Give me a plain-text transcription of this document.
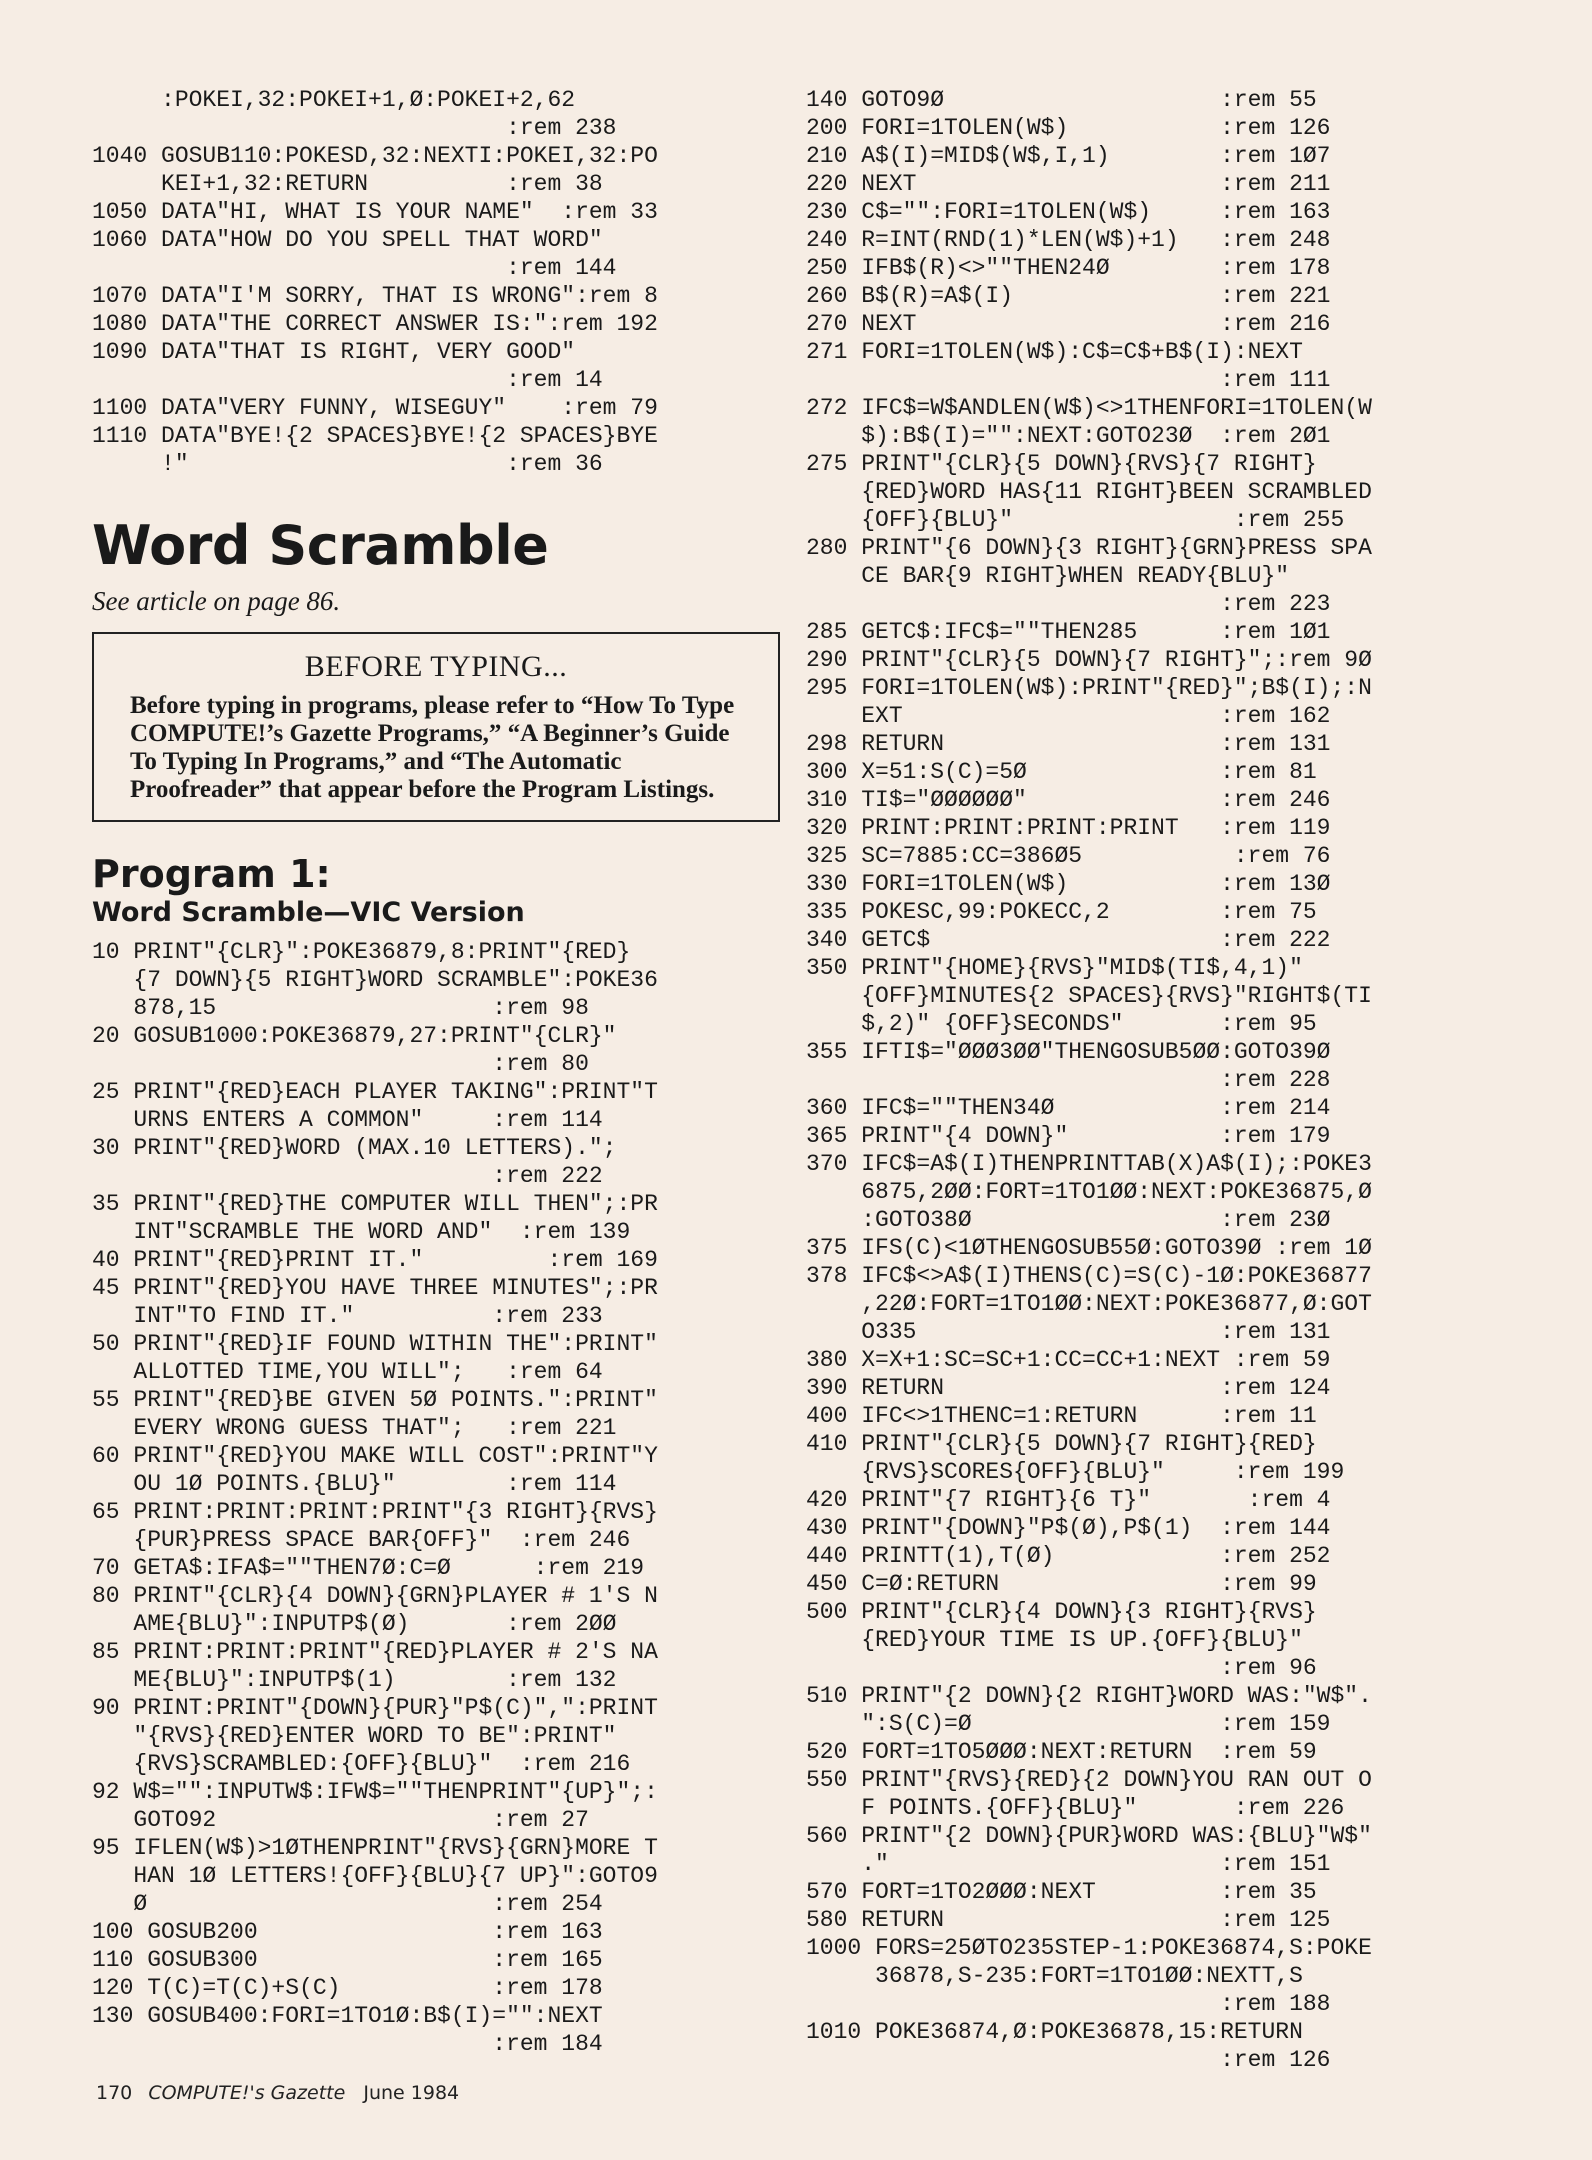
:POKEI,32:POKEI+1,Ø:POKEI+2,62
:rem 238
1040 GOSUB110:POKESD,32:NEXTI:POKEI,32:PO
KEI+1,32:RETURN          :rem 38
1050 DATA"HI, WHAT IS YOUR NAME"  :rem 33
1060 DATA"HOW DO YOU SPELL THAT WORD"
:rem 144
1070 DATA"I'M SORRY, THAT IS WRONG":rem 8
1080 DATA"THE CORRECT ANSWER IS:":rem 192
1090 DATA"THAT IS RIGHT, VERY GOOD"
:rem 14
1100 DATA"VERY FUNNY, WISEGUY"    :rem 79
1110 DATA"BYE!{2 SPACES}BYE!{2 SPACES}BYE
!"                       :rem 36
Word Scramble
See article on page 86.
BEFORE TYPING...

Before typing in programs, please refer to “How To Type COMPUTE!’s Gazette Programs,” “A Beginner’s Guide To Typing In Programs,” and “The Automatic Proofreader” that appear before the Program Listings.

Program 1:
Word Scramble—VIC Version
10 PRINT"{CLR}":POKE36879,8:PRINT"{RED}
{7 DOWN}{5 RIGHT}WORD SCRAMBLE":POKE36
878,15                    :rem 98
20 GOSUB1000:POKE36879,27:PRINT"{CLR}"
:rem 80
25 PRINT"{RED}EACH PLAYER TAKING":PRINT"T
URNS ENTERS A COMMON"     :rem 114
30 PRINT"{RED}WORD (MAX.10 LETTERS).";
:rem 222
35 PRINT"{RED}THE COMPUTER WILL THEN";:PR
INT"SCRAMBLE THE WORD AND"  :rem 139
40 PRINT"{RED}PRINT IT."         :rem 169
45 PRINT"{RED}YOU HAVE THREE MINUTES";:PR
INT"TO FIND IT."          :rem 233
50 PRINT"{RED}IF FOUND WITHIN THE":PRINT"
ALLOTTED TIME,YOU WILL";   :rem 64
55 PRINT"{RED}BE GIVEN 5Ø POINTS.":PRINT"
EVERY WRONG GUESS THAT";   :rem 221
60 PRINT"{RED}YOU MAKE WILL COST":PRINT"Y
OU 1Ø POINTS.{BLU}"        :rem 114
65 PRINT:PRINT:PRINT:PRINT"{3 RIGHT}{RVS}
{PUR}PRESS SPACE BAR{OFF}"  :rem 246
70 GETA$:IFA$=""THEN7Ø:C=Ø      :rem 219
80 PRINT"{CLR}{4 DOWN}{GRN}PLAYER # 1'S N
AME{BLU}":INPUTP$(Ø)       :rem 2ØØ
85 PRINT:PRINT:PRINT"{RED}PLAYER # 2'S NA
ME{BLU}":INPUTP$(1)        :rem 132
90 PRINT:PRINT"{DOWN}{PUR}"P$(C)",":PRINT
"{RVS}{RED}ENTER WORD TO BE":PRINT"
{RVS}SCRAMBLED:{OFF}{BLU}"  :rem 216
92 W$="":INPUTW$:IFW$=""THENPRINT"{UP}";:
GOTO92                    :rem 27
95 IFLEN(W$)>1ØTHENPRINT"{RVS}{GRN}MORE T
HAN 1Ø LETTERS!{OFF}{BLU}{7 UP}":GOTO9
Ø                         :rem 254
100 GOSUB200                 :rem 163
110 GOSUB300                 :rem 165
120 T(C)=T(C)+S(C)           :rem 178
130 GOSUB400:FORI=1TO1Ø:B$(I)="":NEXT
:rem 184
140 GOTO9Ø                    :rem 55
200 FORI=1TOLEN(W$)           :rem 126
210 A$(I)=MID$(W$,I,1)        :rem 1Ø7
220 NEXT                      :rem 211
230 C$="":FORI=1TOLEN(W$)     :rem 163
240 R=INT(RND(1)*LEN(W$)+1)   :rem 248
250 IFB$(R)<>""THEN24Ø        :rem 178
260 B$(R)=A$(I)               :rem 221
270 NEXT                      :rem 216
271 FORI=1TOLEN(W$):C$=C$+B$(I):NEXT
:rem 111
272 IFC$=W$ANDLEN(W$)<>1THENFORI=1TOLEN(W
$):B$(I)="":NEXT:GOTO23Ø  :rem 2Ø1
275 PRINT"{CLR}{5 DOWN}{RVS}{7 RIGHT}
{RED}WORD HAS{11 RIGHT}BEEN SCRAMBLED
{OFF}{BLU}"                :rem 255
280 PRINT"{6 DOWN}{3 RIGHT}{GRN}PRESS SPA
CE BAR{9 RIGHT}WHEN READY{BLU}"
:rem 223
285 GETC$:IFC$=""THEN285      :rem 1Ø1
290 PRINT"{CLR}{5 DOWN}{7 RIGHT}";:rem 9Ø
295 FORI=1TOLEN(W$):PRINT"{RED}";B$(I);:N
EXT                       :rem 162
298 RETURN                    :rem 131
300 X=51:S(C)=5Ø              :rem 81
310 TI$="ØØØØØØ"              :rem 246
320 PRINT:PRINT:PRINT:PRINT   :rem 119
325 SC=7885:CC=386Ø5           :rem 76
330 FORI=1TOLEN(W$)           :rem 13Ø
335 POKESC,99:POKECC,2        :rem 75
340 GETC$                     :rem 222
350 PRINT"{HOME}{RVS}"MID$(TI$,4,1)"
{OFF}MINUTES{2 SPACES}{RVS}"RIGHT$(TI
$,2)" {OFF}SECONDS"       :rem 95
355 IFTI$="ØØØ3ØØ"THENGOSUB5ØØ:GOTO39Ø
:rem 228
360 IFC$=""THEN34Ø            :rem 214
365 PRINT"{4 DOWN}"           :rem 179
370 IFC$=A$(I)THENPRINTTAB(X)A$(I);:POKE3
6875,2ØØ:FORT=1TO1ØØ:NEXT:POKE36875,Ø
:GOTO38Ø                  :rem 23Ø
375 IFS(C)<1ØTHENGOSUB55Ø:GOTO39Ø :rem 1Ø
378 IFC$<>A$(I)THENS(C)=S(C)-1Ø:POKE36877
,22Ø:FORT=1TO1ØØ:NEXT:POKE36877,Ø:GOT
O335                      :rem 131
380 X=X+1:SC=SC+1:CC=CC+1:NEXT :rem 59
390 RETURN                    :rem 124
400 IFC<>1THENC=1:RETURN      :rem 11
410 PRINT"{CLR}{5 DOWN}{7 RIGHT}{RED}
{RVS}SCORES{OFF}{BLU}"     :rem 199
420 PRINT"{7 RIGHT}{6 T}"       :rem 4
430 PRINT"{DOWN}"P$(Ø),P$(1)  :rem 144
440 PRINTT(1),T(Ø)            :rem 252
450 C=Ø:RETURN                :rem 99
500 PRINT"{CLR}{4 DOWN}{3 RIGHT}{RVS}
{RED}YOUR TIME IS UP.{OFF}{BLU}"
:rem 96
510 PRINT"{2 DOWN}{2 RIGHT}WORD WAS:"W$".
":S(C)=Ø                  :rem 159
520 FORT=1TO5ØØØ:NEXT:RETURN  :rem 59
550 PRINT"{RVS}{RED}{2 DOWN}YOU RAN OUT O
F POINTS.{OFF}{BLU}"       :rem 226
560 PRINT"{2 DOWN}{PUR}WORD WAS:{BLU}"W$"
."                        :rem 151
570 FORT=1TO2ØØØ:NEXT         :rem 35
580 RETURN                    :rem 125
1000 FORS=25ØTO235STEP-1:POKE36874,S:POKE
36878,S-235:FORT=1TO1ØØ:NEXTT,S
:rem 188
1010 POKE36874,Ø:POKE36878,15:RETURN
:rem 126
170 COMPUTE!'s Gazette June 1984
